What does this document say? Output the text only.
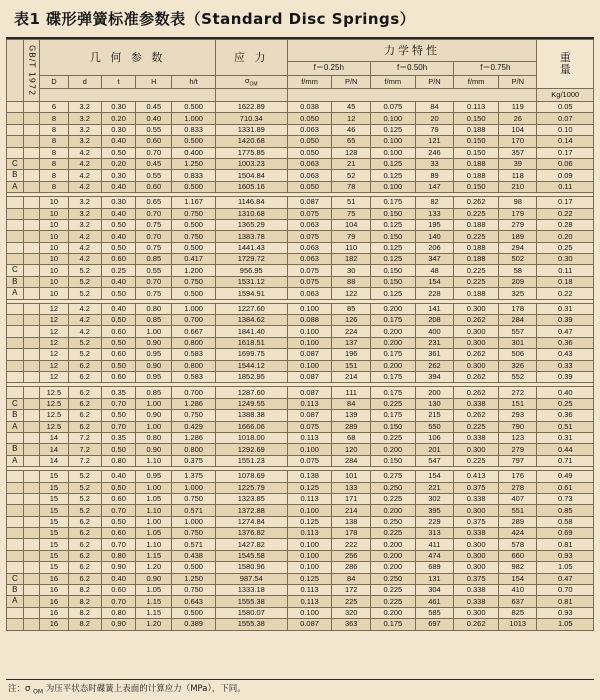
表1 碟形弹簧标准参数表（Standard Disc Springs）

	GB/T 1972	几 何 参 数					应 力	力学特性						重
量
								f＝0.25h		f＝0.50h		f＝0.75h		
		D	d	t	H	h/t	$\sigma_{OM}$	f/mm	P/N	f/mm	P/N	f/mm	P/N	
														Kg/1000
		6	3.2	0.30	0.45	0.500	1622.89	0.038	45	0.075	84	0.113	119	0.05
		8	3.2	0.20	0.40	1.000	710.34	0.050	12	0.100	20	0.150	26	0.07
		8	3.2	0.30	0.55	0.833	1331.89	0.063	46	0.125	79	0.188	104	0.10
		8	3.2	0.40	0.60	0.500	1420.68	0.050	65	0.100	121	0.150	170	0.14
		8	4.2	0.50	0.70	0.400	1775.85	0.050	128	0.100	246	0.150	357	0.17
C		8	4.2	0.20	0.45	1.250	1003.23	0.063	21	0.125	33	0.188	39	0.06
B		8	4.2	0.30	0.55	0.833	1504.84	0.063	52	0.125	89	0.188	118	0.09
A		8	4.2	0.40	0.60	0.500	1605.16	0.050	78	0.100	147	0.150	210	0.11

		10	3.2	0.30	0.65	1.167	1146.84	0.087	51	0.175	82	0.262	98	0.17
		10	3.2	0.40	0.70	0.750	1310.68	0.075	75	0.150	133	0.225	179	0.22
		10	3.2	0.50	0.75	0.500	1365.29	0.063	104	0.125	195	0.188	279	0.28
		10	4.2	0.40	0.70	0.750	1383.78	0.075	79	0.150	140	0.225	189	0.20
		10	4.2	0.50	0.75	0.500	1441.43	0.063	110	0.125	206	0.188	294	0.25
		10	4.2	0.60	0.85	0.417	1729.72	0.063	182	0.125	347	0.188	502	0.30
C		10	5.2	0.25	0.55	1.200	956.95	0.075	30	0.150	48	0.225	58	0.11
B		10	5.2	0.40	0.70	0.750	1531.12	0.075	88	0.150	154	0.225	209	0.18
A		10	5.2	0.50	0.75	0.500	1594.91	0.063	122	0.125	228	0.188	325	0.22

		12	4.2	0.40	0.80	1.000	1227.60	0.100	85	0.200	141	0.300	178	0.31
		12	4.2	0.50	0.85	0.700	1384.62	0.088	126	0.175	208	0.262	284	0.39
		12	4.2	0.60	1.00	0.667	1841.40	0.100	224	0.200	400	0.300	557	0.47
		12	5.2	0.50	0.90	0.800	1618.51	0.100	137	0.200	231	0.300	301	0.36
		12	5.2	0.60	0.95	0.583	1699.75	0.087	196	0.175	361	0.262	506	0.43
		12	6.2	0.50	0.90	0.800	1544.12	0.100	151	0.200	262	0.300	326	0.33
		12	6.2	0.60	0.95	0.583	1852.95	0.087	214	0.175	394	0.262	552	0.39

		12.5	6.2	0.35	0.85	0.700	1287.60	0.087	111	0.175	200	0.262	272	0.40
C		12.5	6.2	0.70	1.00	1.286	1249.55	0.113	84	0.225	130	0.338	151	0.25
B		12.5	6.2	0.50	0.90	0.750	1388.38	0.087	139	0.175	215	0.262	293	0.36
A		12.5	6.2	0.70	1.00	0.429	1666.06	0.075	289	0.150	550	0.225	790	0.51
		14	7.2	0.35	0.80	1.286	1018.00	0.113	68	0.225	106	0.338	123	0.31
B		14	7.2	0.50	0.90	0.800	1292.69	0.100	120	0.200	201	0.300	279	0.44
A		14	7.2	0.80	1.10	0.375	1551.23	0.075	284	0.150	547	0.225	797	0.71

		15	5.2	0.40	0.95	1.375	1078.69	0.138	101	0.275	154	0.413	176	0.49
		15	5.2	0.50	1.00	1.000	1225.79	0.125	133	0.250	221	0.375	278	0.61
		15	5.2	0.60	1.05	0.750	1323.85	0.113	171	0.225	302	0.338	407	0.73
		15	5.2	0.70	1.10	0.571	1372.88	0.100	214	0.200	395	0.300	551	0.85
		15	6.2	0.50	1.00	1.000	1274.84	0.125	138	0.250	229	0.375	289	0.58
		15	6.2	0.60	1.05	0.750	1376.82	0.113	178	0.225	313	0.338	424	0.69
		15	6.2	0.70	1.10	0.571	1427.82	0.100	222	0.200	411	0.300	578	0.81
		15	6.2	0.80	1.15	0.438	1545.58	0.100	256	0.200	474	0.300	660	0.93
		15	6.2	0.90	1.20	0.500	1580.96	0.100	286	0.200	689	0.300	982	1.05
C		16	6.2	0.40	0.90	1.250	987.54	0.125	84	0.250	131	0.375	154	0.47
B		16	8.2	0.60	1.05	0.750	1333.18	0.113	172	0.225	304	0.338	410	0.70
A		16	8.2	0.70	1.15	0.643	1555.38	0.113	225	0.225	461	0.338	637	0.81
		16	8.2	0.80	1.15	0.500	1580.07	0.100	320	0.200	585	0.300	825	0.93
		16	8.2	0.90	1.20	0.389	1555.38	0.087	363	0.175	697	0.262	1013	1.05
注：σ $_{OM}$ 为压平状态时碟簧上表面的计算应力（MPa），下同。
